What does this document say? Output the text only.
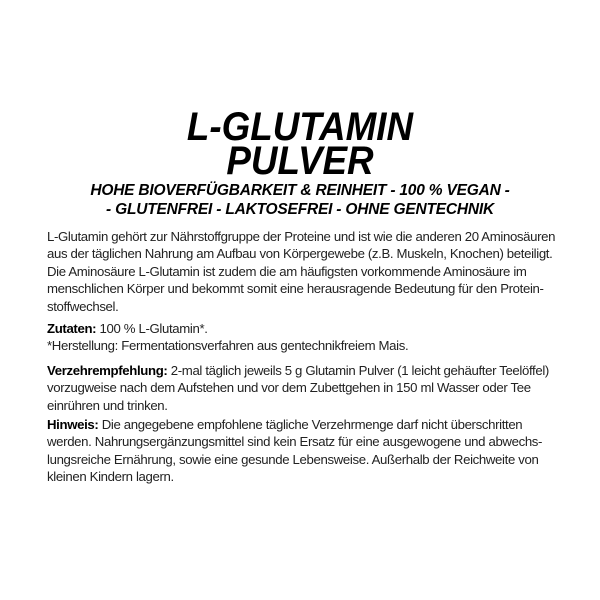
L-GLUTAMIN
PULVER
HOHE BIOVERFÜGBARKEIT & REINHEIT - 100 % VEGAN -
- GLUTENFREI - LAKTOSEFREI - OHNE GENTECHNIK
L-Glutamin gehört zur Nährstoffgruppe der Proteine und ist wie die anderen 20 Aminosäuren
aus der täglichen Nahrung am Aufbau von Körpergewebe (z.B. Muskeln, Knochen) beteiligt.
Die Aminosäure L-Glutamin ist zudem die am häufigsten vorkommende Aminosäure im
menschlichen Körper und bekommt somit eine herausragende Bedeutung für den Protein-
stoffwechsel.
Zutaten: 100 % L-Glutamin*.
*Herstellung: Fermentationsverfahren aus gentechnikfreiem Mais.
Verzehrempfehlung: 2-mal täglich jeweils 5 g Glutamin Pulver (1 leicht gehäufter Teelöffel)
vorzugweise nach dem Aufstehen und vor dem Zubettgehen in 150 ml Wasser oder Tee
einrühren und trinken.
Hinweis: Die angegebene empfohlene tägliche Verzehrmenge darf nicht überschritten
werden. Nahrungsergänzungsmittel sind kein Ersatz für eine ausgewogene und abwechs-
lungsreiche Ernährung, sowie eine gesunde Lebensweise. Außerhalb der Reichweite von
kleinen Kindern lagern.
